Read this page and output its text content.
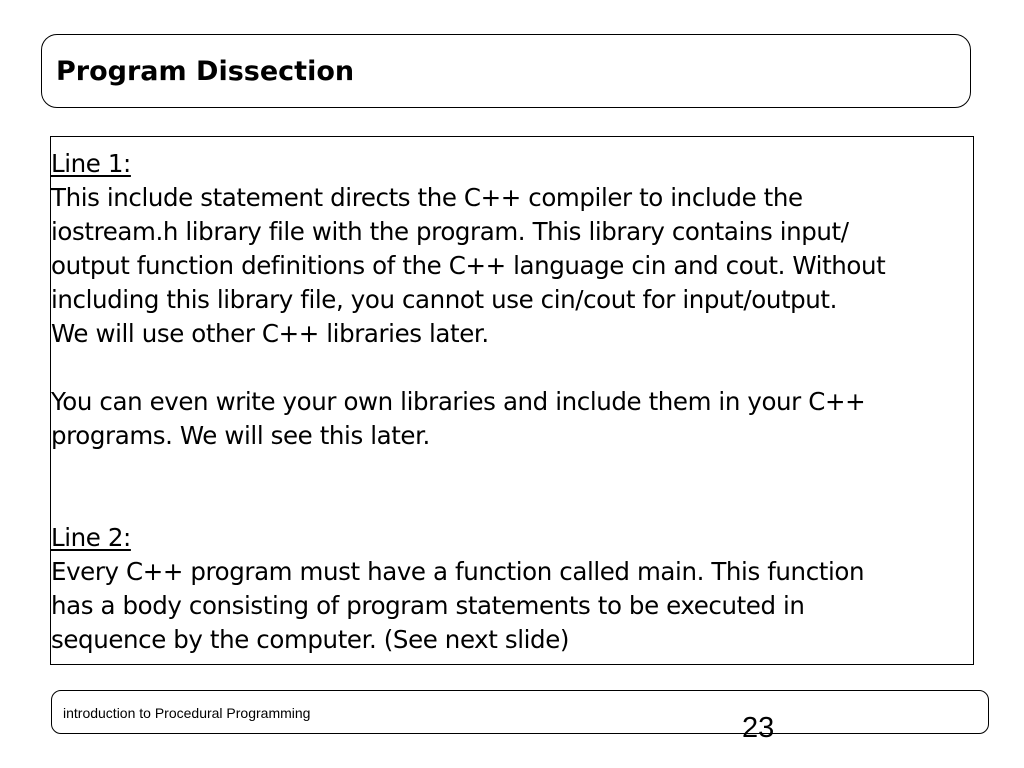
Program Dissection
Line 1:
This include statement directs the C++ compiler to include the
iostream.h library file with the program. This library contains input/
output function definitions of the C++ language cin and cout. Without
including this library file, you cannot use cin/cout for input/output.
We will use other C++ libraries later.
You can even write your own libraries and include them in your C++
programs. We will see this later.
Line 2:
Every C++ program must have a function called main. This function
has a body consisting of program statements to be executed in
sequence by the computer. (See next slide)
introduction to Procedural Programming	23
